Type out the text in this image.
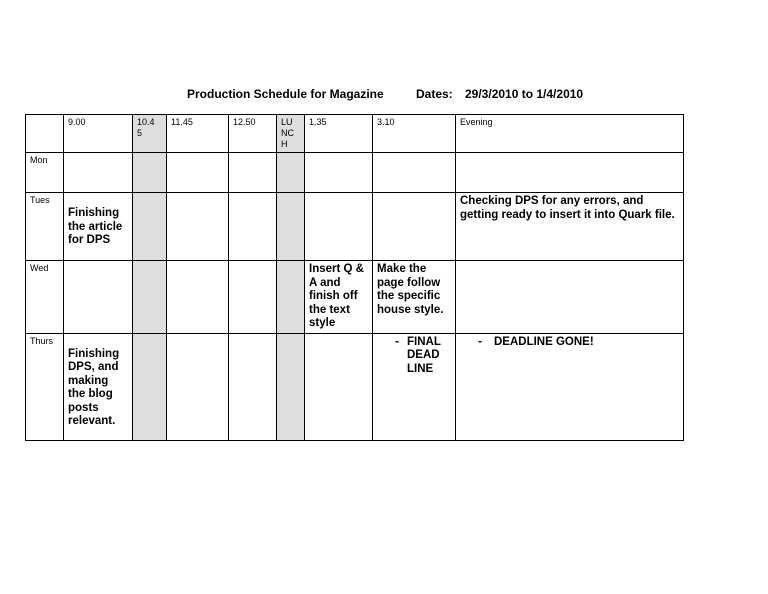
Production Schedule for Magazine	Dates: 29/3/2010 to 1/4/2010
	9.00	10.4 5	11.45	12.50	LU NC H	1.35	3.10	Evening
Mon								
Tues	Finishing the article for DPS							Checking DPS for any errors, and getting ready to insert it into Quark file.
Wed						Insert Q & A and finish off the text style	Make the page follow the specific house style.	
Thurs	Finishing DPS, and making the blog posts relevant.						- FINAL DEAD LINE	- DEADLINE GONE!
